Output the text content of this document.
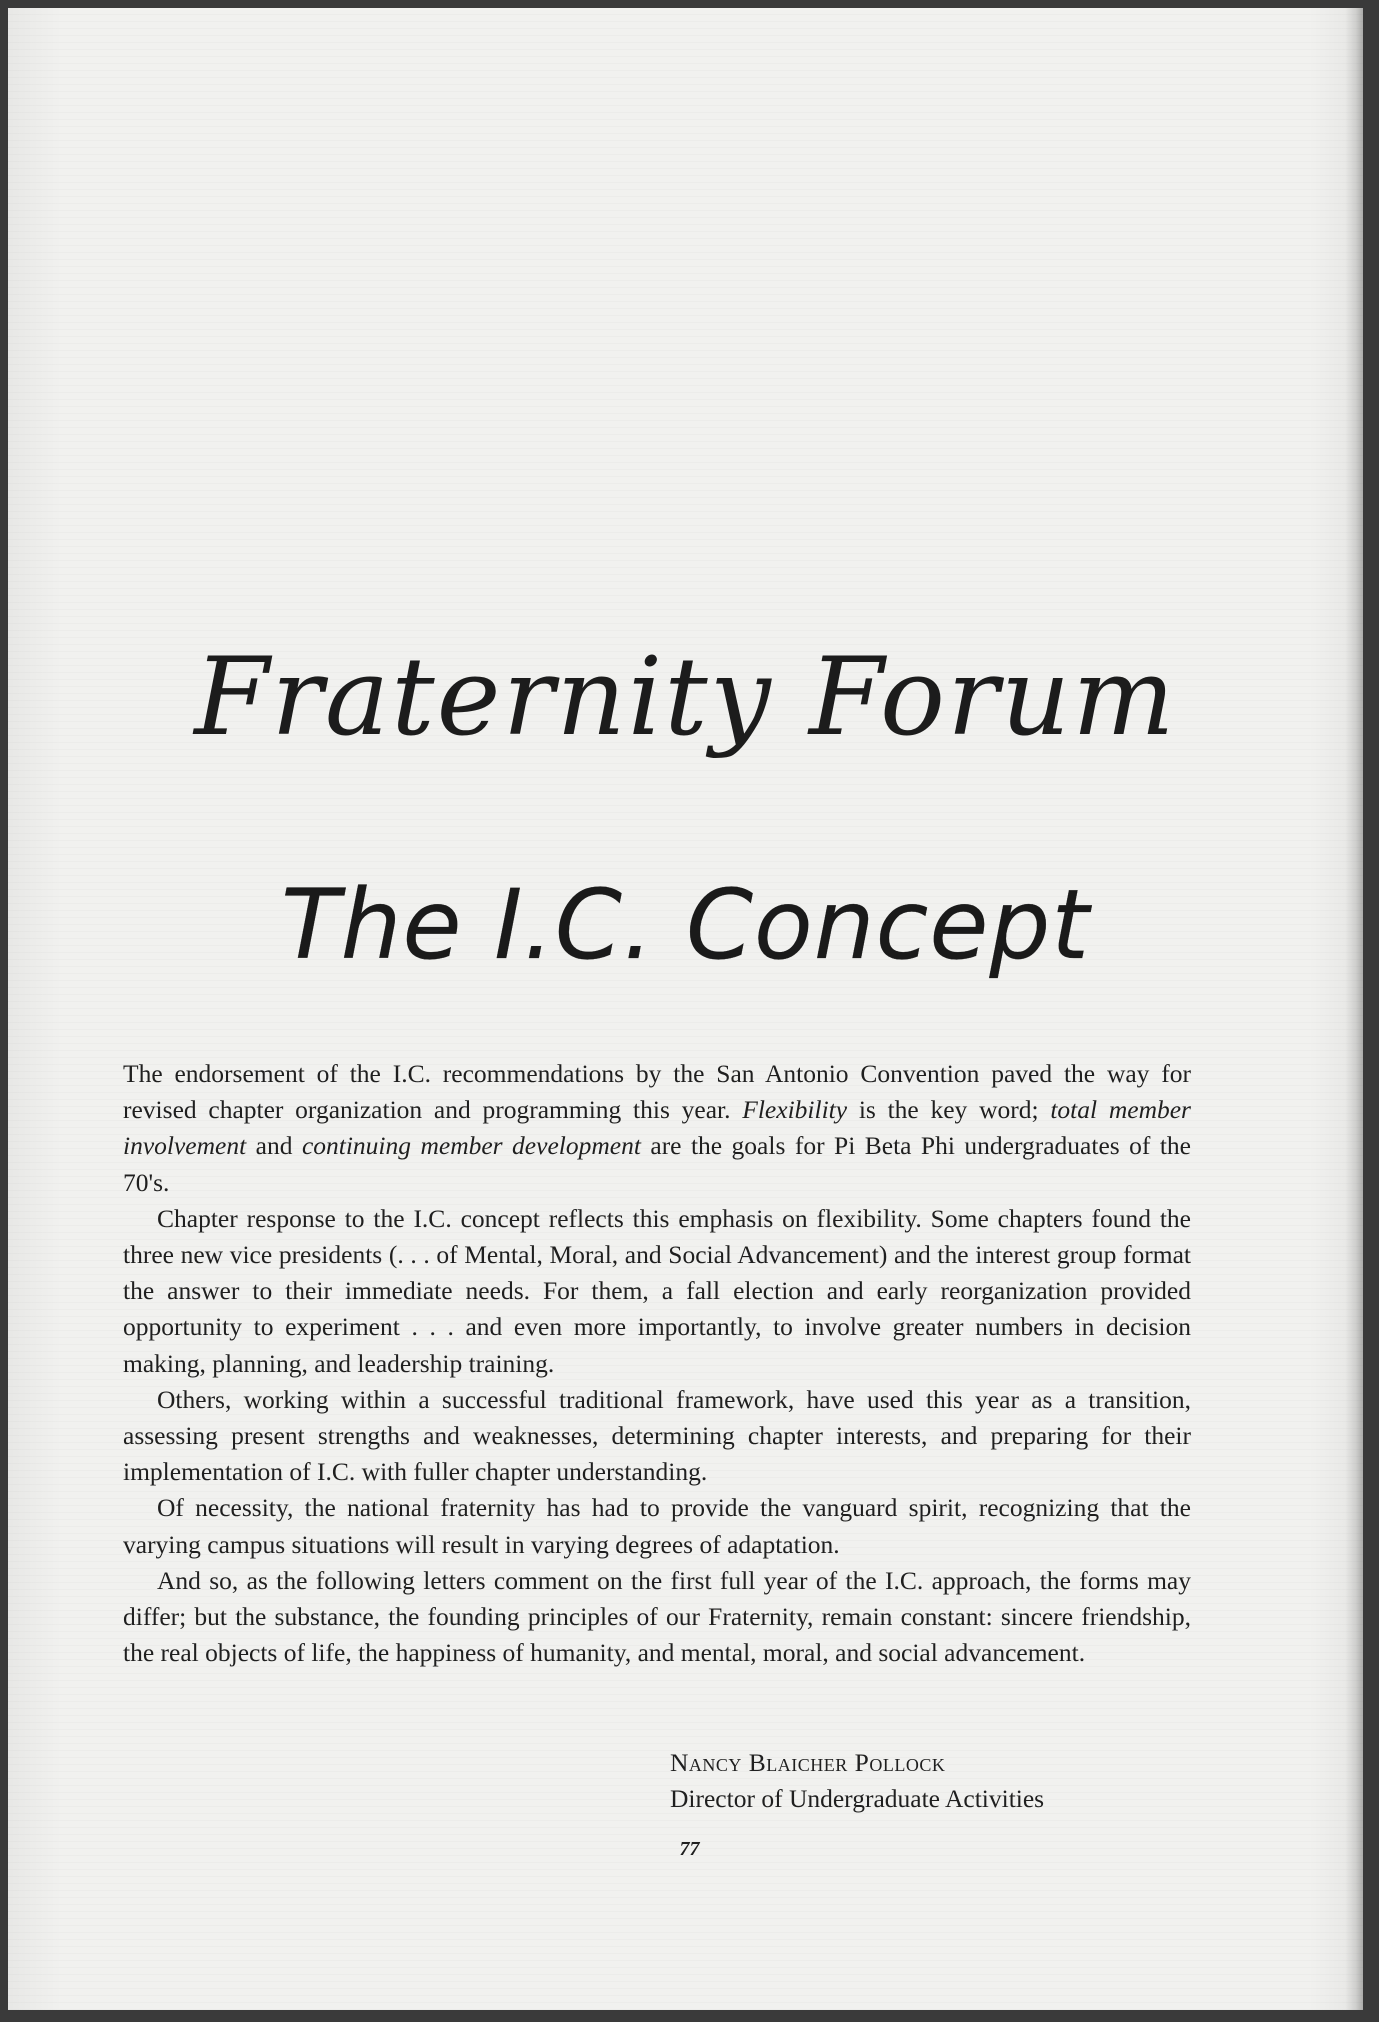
Fraternity Forum
The I.C. Concept

The endorsement of the I.C. recommendations by the San Antonio Convention paved the way for revised chapter organization and programming this year. Flexibility is the key word; total member involvement and continuing member development are the goals for Pi Beta Phi undergraduates of the 70's.

Chapter response to the I.C. concept reflects this emphasis on flexibility. Some chapters found the three new vice presidents (. . . of Mental, Moral, and Social Advancement) and the interest group format the answer to their immediate needs. For them, a fall election and early reorganization provided opportunity to experiment . . . and even more importantly, to involve greater numbers in decision making, planning, and leadership training.

Others, working within a successful traditional framework, have used this year as a transition, assessing present strengths and weaknesses, determining chapter interests, and preparing for their implementation of I.C. with fuller chapter understanding.

Of necessity, the national fraternity has had to provide the vanguard spirit, recognizing that the varying campus situations will result in varying degrees of adaptation.

And so, as the following letters comment on the first full year of the I.C. approach, the forms may differ; but the substance, the founding principles of our Fraternity, remain constant: sincere friendship, the real objects of life, the happiness of humanity, and mental, moral, and social advancement.

Nancy Blaicher Pollock
Director of Undergraduate Activities
77
